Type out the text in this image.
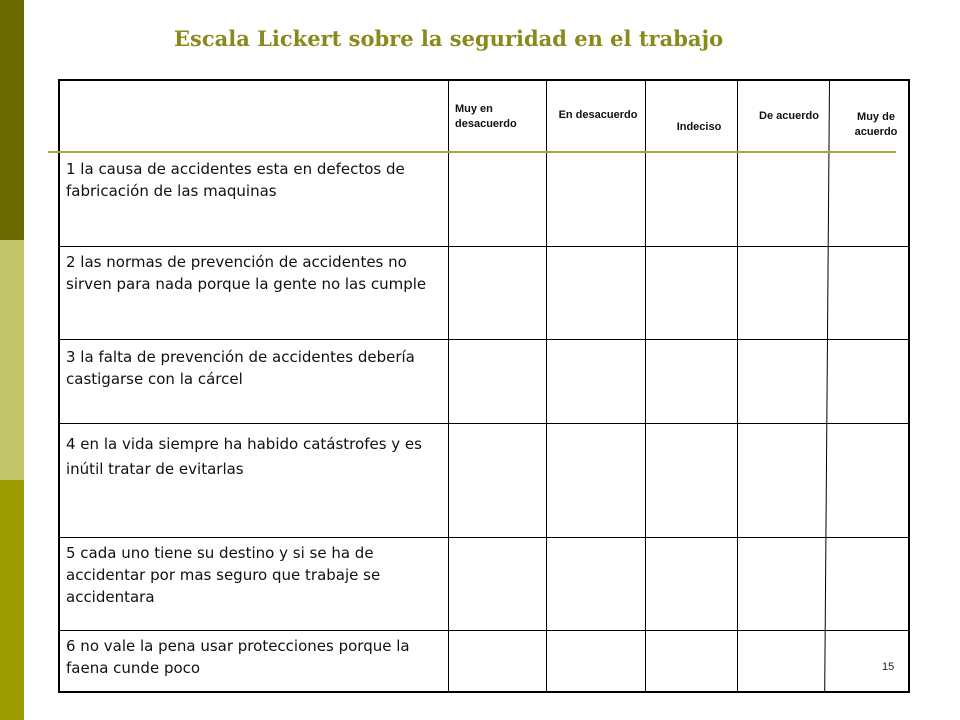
Escala Lickert sobre la seguridad en el trabajo
Muy en desacuerdo
En desacuerdo
Indeciso
De acuerdo	Muy de acuerdo
1 la causa de accidentes esta en defectos de fabricación de las maquinas
2 las normas de prevención de accidentes no sirven para nada porque la gente no las cumple
3 la falta de prevención de accidentes debería castigarse con la cárcel
4 en la vida siempre ha habido catástrofes y es inútil tratar de evitarlas
5 cada uno tiene su destino y si se ha de accidentar por mas seguro que trabaje se accidentara
6 no vale la pena usar protecciones porque la faena cunde poco	15
